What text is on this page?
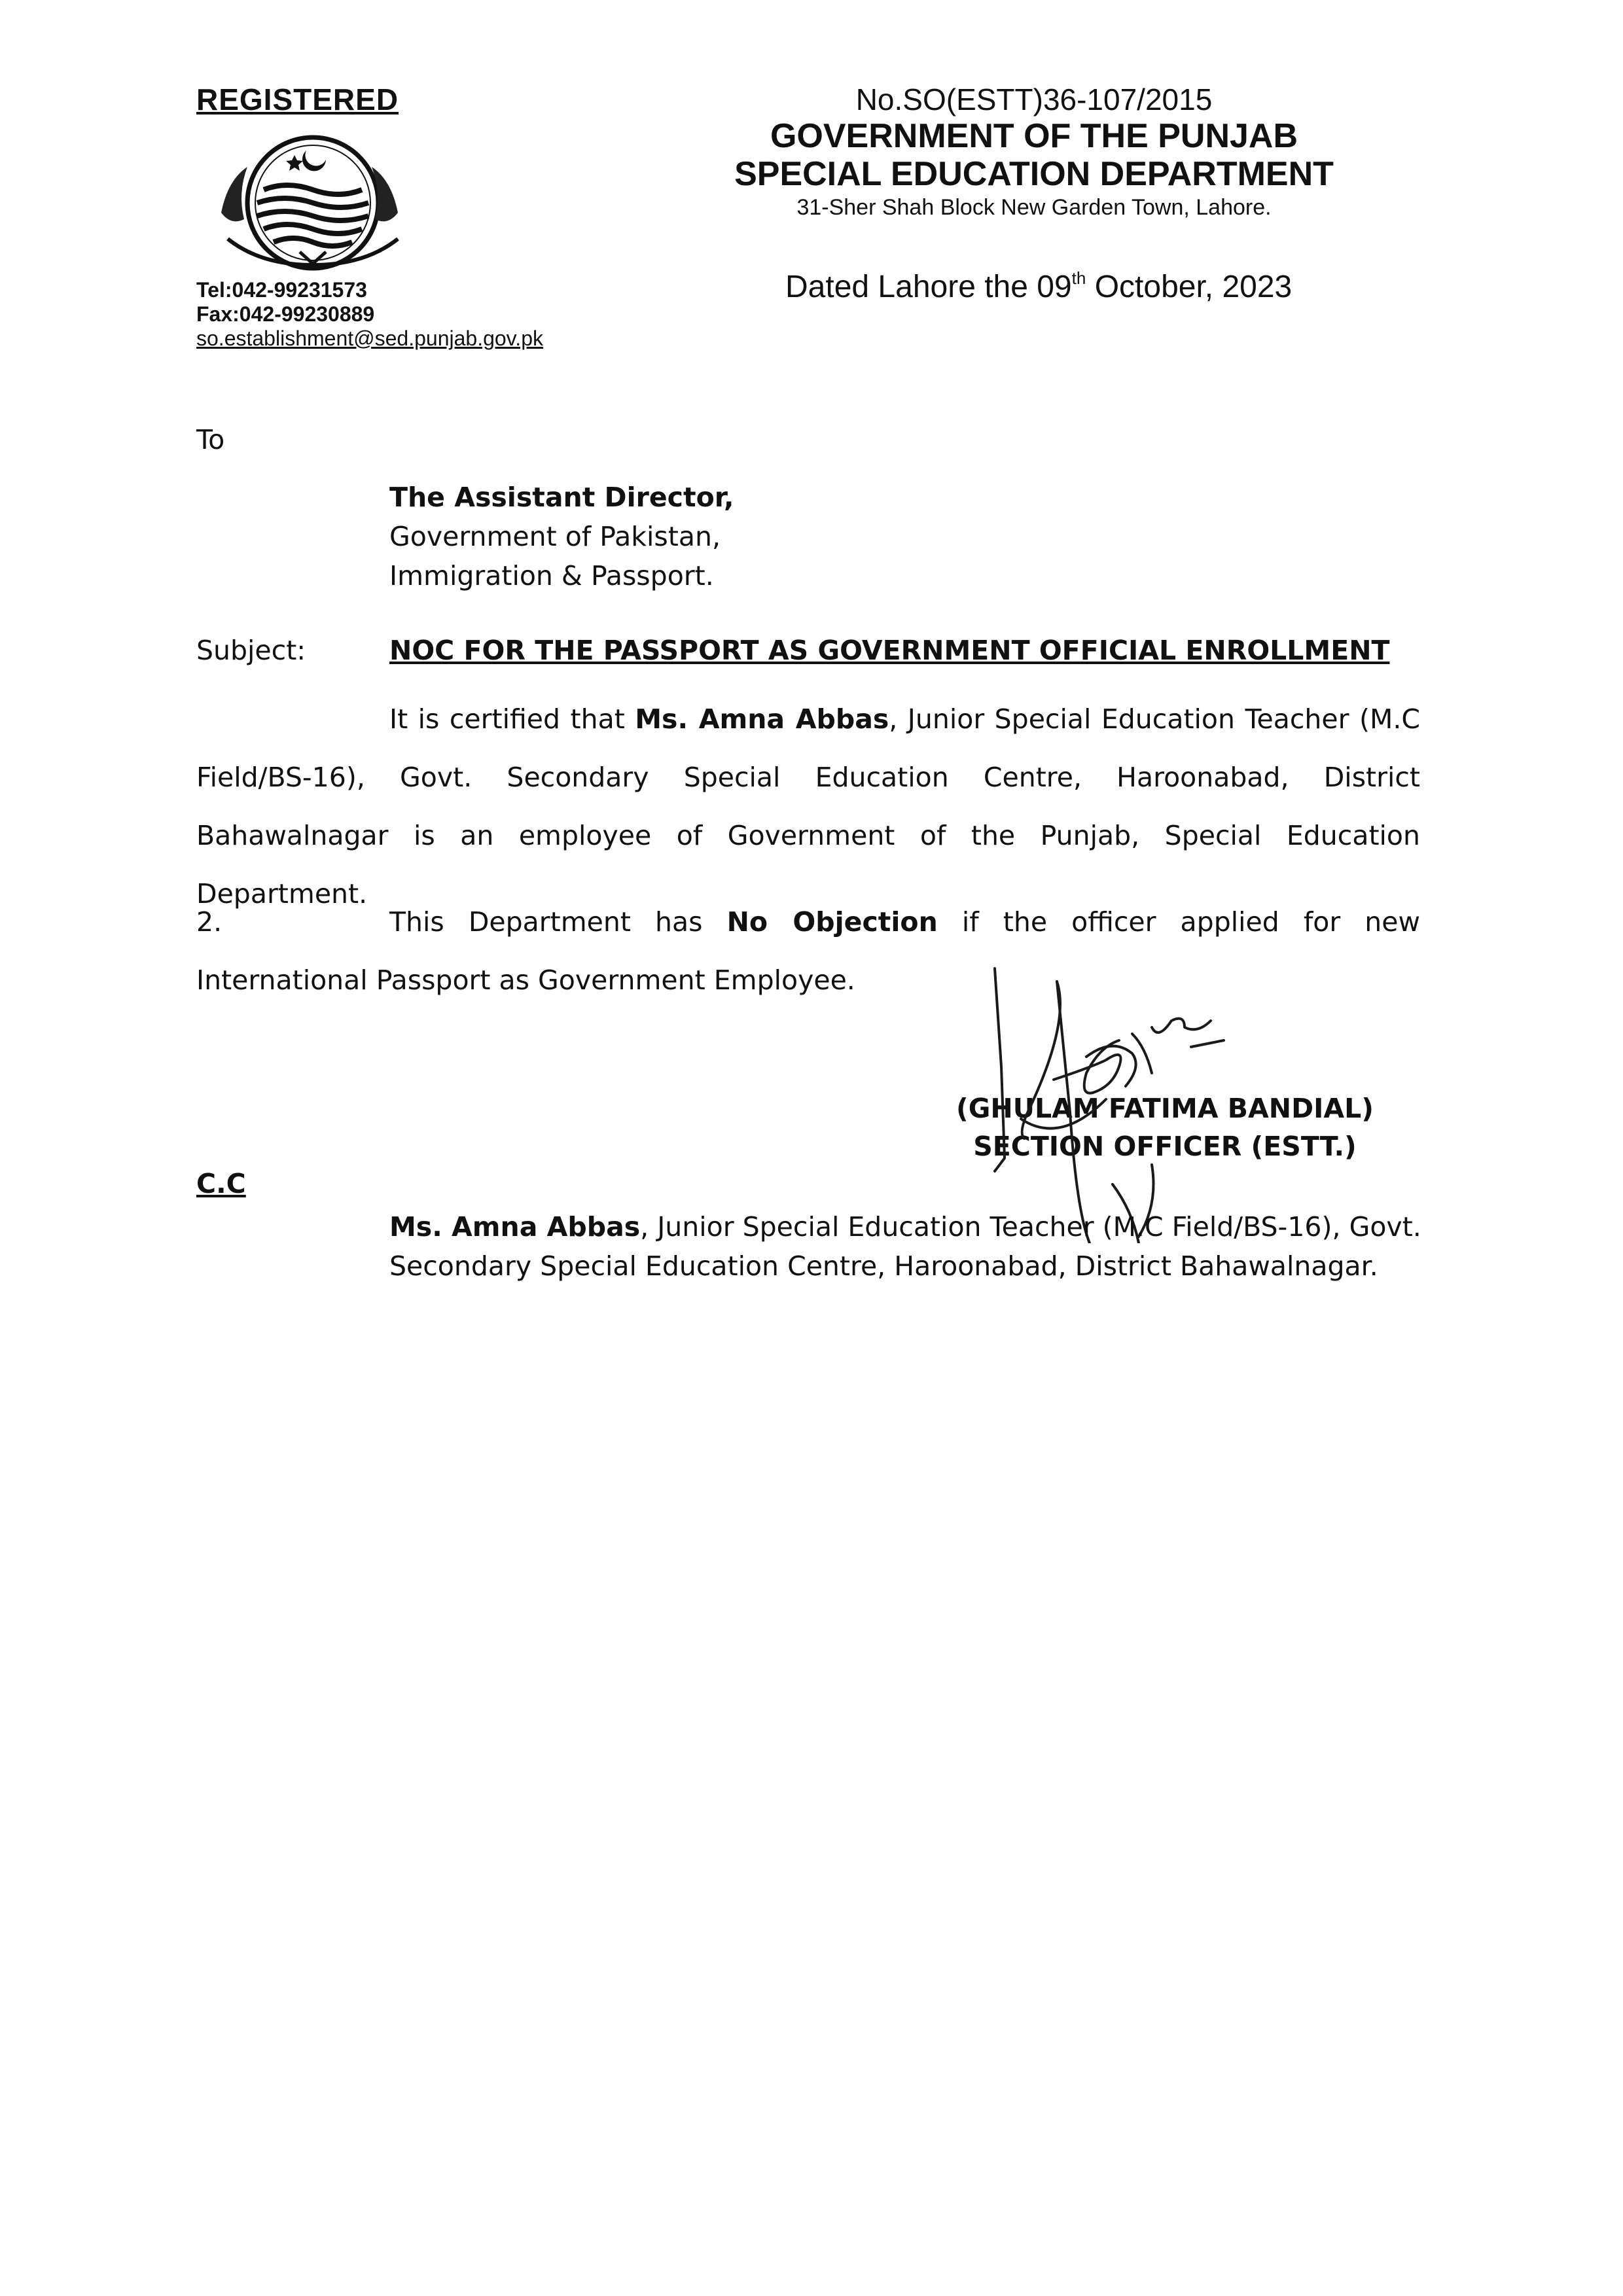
REGISTERED
Tel:042-99231573
Fax:042-99230889
so.establishment@sed.punjab.gov.pk
No.SO(ESTT)36-107/2015
GOVERNMENT OF THE PUNJAB
SPECIAL EDUCATION DEPARTMENT
31-Sher Shah Block New Garden Town, Lahore.
Dated Lahore the 09th October, 2023
To
The Assistant Director,
Government of Pakistan,
Immigration & Passport.
Subject:	NOC FOR THE PASSPORT AS GOVERNMENT OFFICIAL ENROLLMENT
It is certified that Ms. Amna Abbas, Junior Special Education Teacher (M.C Field/BS-16), Govt. Secondary Special Education Centre, Haroonabad, District Bahawalnagar is an employee of Government of the Punjab, Special Education Department.
2.	This Department has No Objection if the officer applied for new International Passport as Government Employee.
(GHULAM FATIMA BANDIAL)
SECTION OFFICER (ESTT.)
C.C
Ms. Amna Abbas, Junior Special Education Teacher (M.C Field/BS-16), Govt. Secondary Special Education Centre, Haroonabad, District Bahawalnagar.
